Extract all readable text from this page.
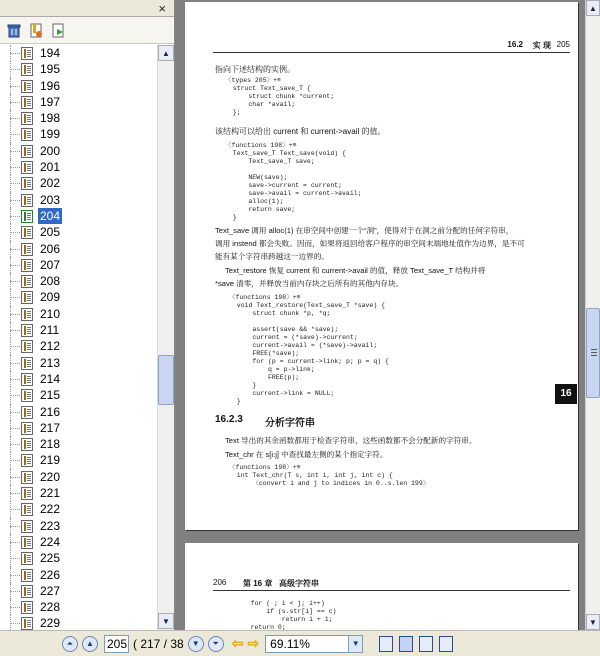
×
194
195
196
197
198
199
200
201
202
203
204
205
206
207
208
209
210
211
212
213
214
215
216
217
218
219
220
221
222
223
224
225
226
227
228
229
▲
▼
16.2 实 现 205
指向下述结构的实例。
〈types 205〉+≡
struct Text_save_T {
struct chunk *current;
char *avail;
};
该结构可以给出 current 和 current->avail 的值。
〈functions 198〉+≡
Text_save_T Text_save(void) {
Text_save_T save;

NEW(save);
save->current = current;
save->avail = current->avail;
alloc(1);
return save;
}
Text_save 调用 alloc(1) 在串空间中创建一个“洞”，使得对于在洞之前分配的任何字符串，
调用 instend 都会失败。因而，如果将返回给客户程序的串空间末端地址值作为边界，是不可
能有某个字符串跨越这一边界的。
Text_restore 恢复 current 和 current->avail 的值，释放 Text_save_T 结构并将
*save 清零，并释放当前内存块之后所有的其他内存块。
〈functions 198〉+≡
void Text_restore(Text_save_T *save) {
struct chunk *p, *q;

assert(save && *save);
current = (*save)->current;
current->avail = (*save)->avail;
FREE(*save);
for (p = current->link; p; p = q) {
q = p->link;
FREE(p);
}
current->link = NULL;
}
16.2.3 分析字符串
Text 导出的其余函数都用于检查字符串，这些函数都不会分配新的字符串。
Text_chr 在 s[i:j] 中查找最左侧的某个指定字符。
〈functions 198〉+≡
int Text_chr(T s, int i, int j, int c) {
〈convert i and j to indices in 0..s.len 199〉
206 第 16 章   高级字符串
for ( ; i < j; i++)
if (s.str[i] == c)
return i + 1;
return 0;
16
▲
▼
⏶	▲
205	( 217 / 38	▼	⏷ ⇦ ⇨ 69.11%	▼
